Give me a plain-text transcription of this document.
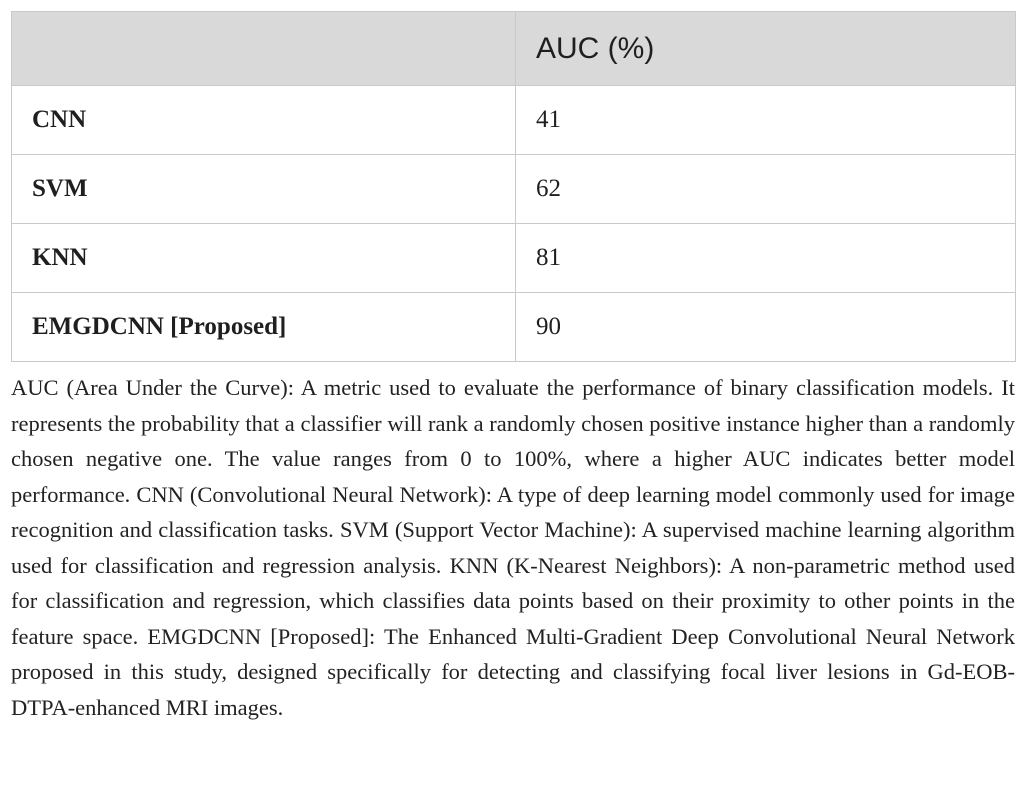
	AUC (%)
CNN	41
SVM	62
KNN	81
EMGDCNN [Proposed]	90

AUC (Area Under the Curve): A metric used to evaluate the performance of binary classification models. It represents the probability that a classifier will rank a randomly chosen positive instance higher than a randomly chosen negative one. The value ranges from 0 to 100%, where a higher AUC indicates better model performance. CNN (Convolutional Neural Network): A type of deep learning model commonly used for image recognition and classification tasks. SVM (Support Vector Machine): A supervised machine learning algorithm used for classification and regression analysis. KNN (K-Nearest Neighbors): A non-parametric method used for classification and regression, which classifies data points based on their proximity to other points in the feature space. EMGDCNN [Proposed]: The Enhanced Multi-Gradient Deep Convolutional Neural Network proposed in this study, designed specifically for detecting and classifying focal liver lesions in Gd-EOB-DTPA-enhanced MRI images.
